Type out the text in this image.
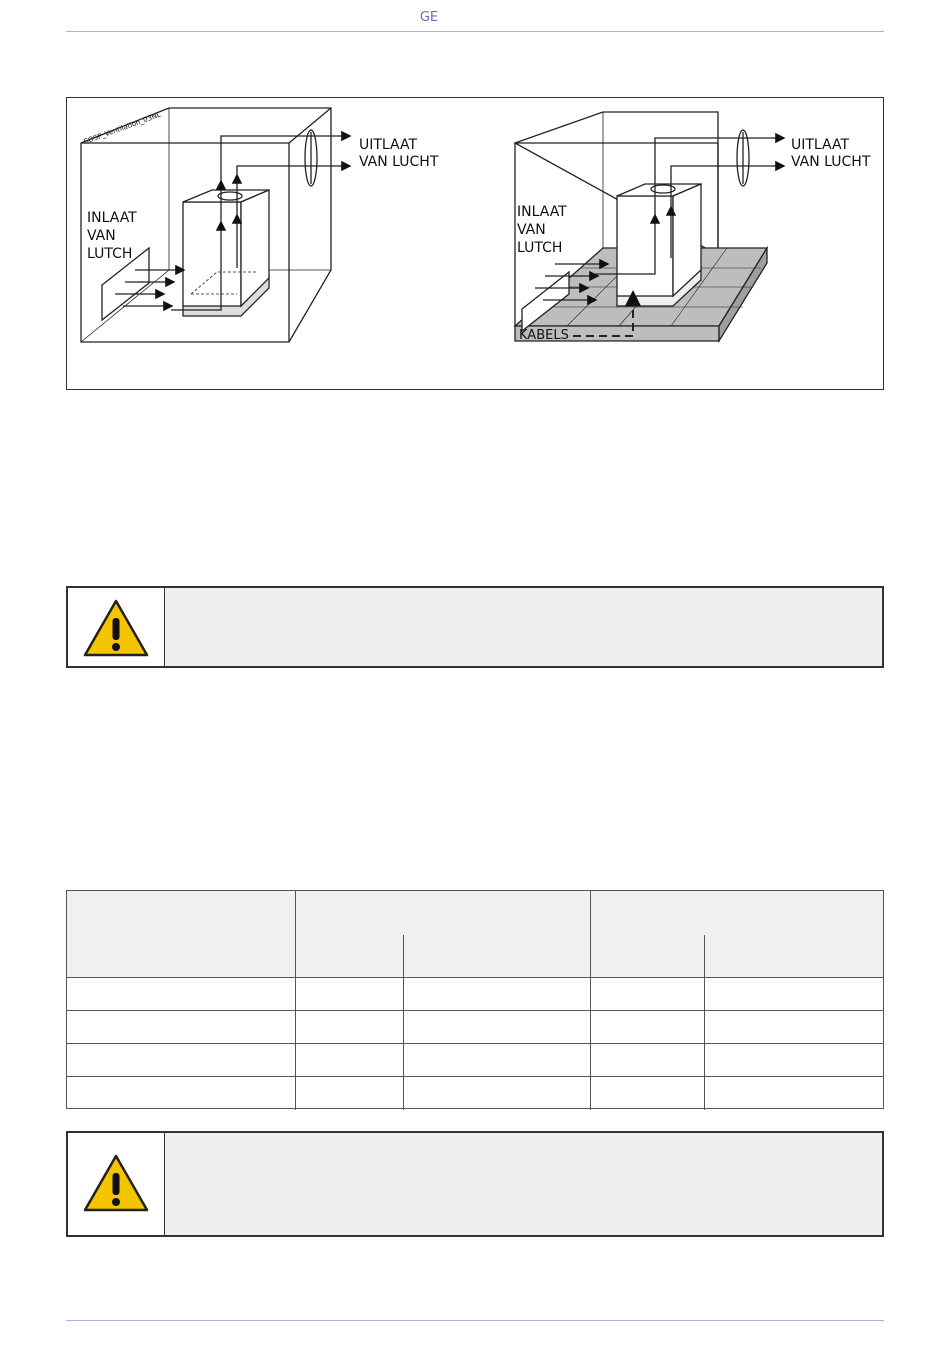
GE
SOSP_Ventilation_03NL	UITLAAT
VAN LUCHT
INLAAT
VAN
LUTCH
UITLAAT
VAN LUCHT
INLAAT
VAN
LUTCH
KABELS
